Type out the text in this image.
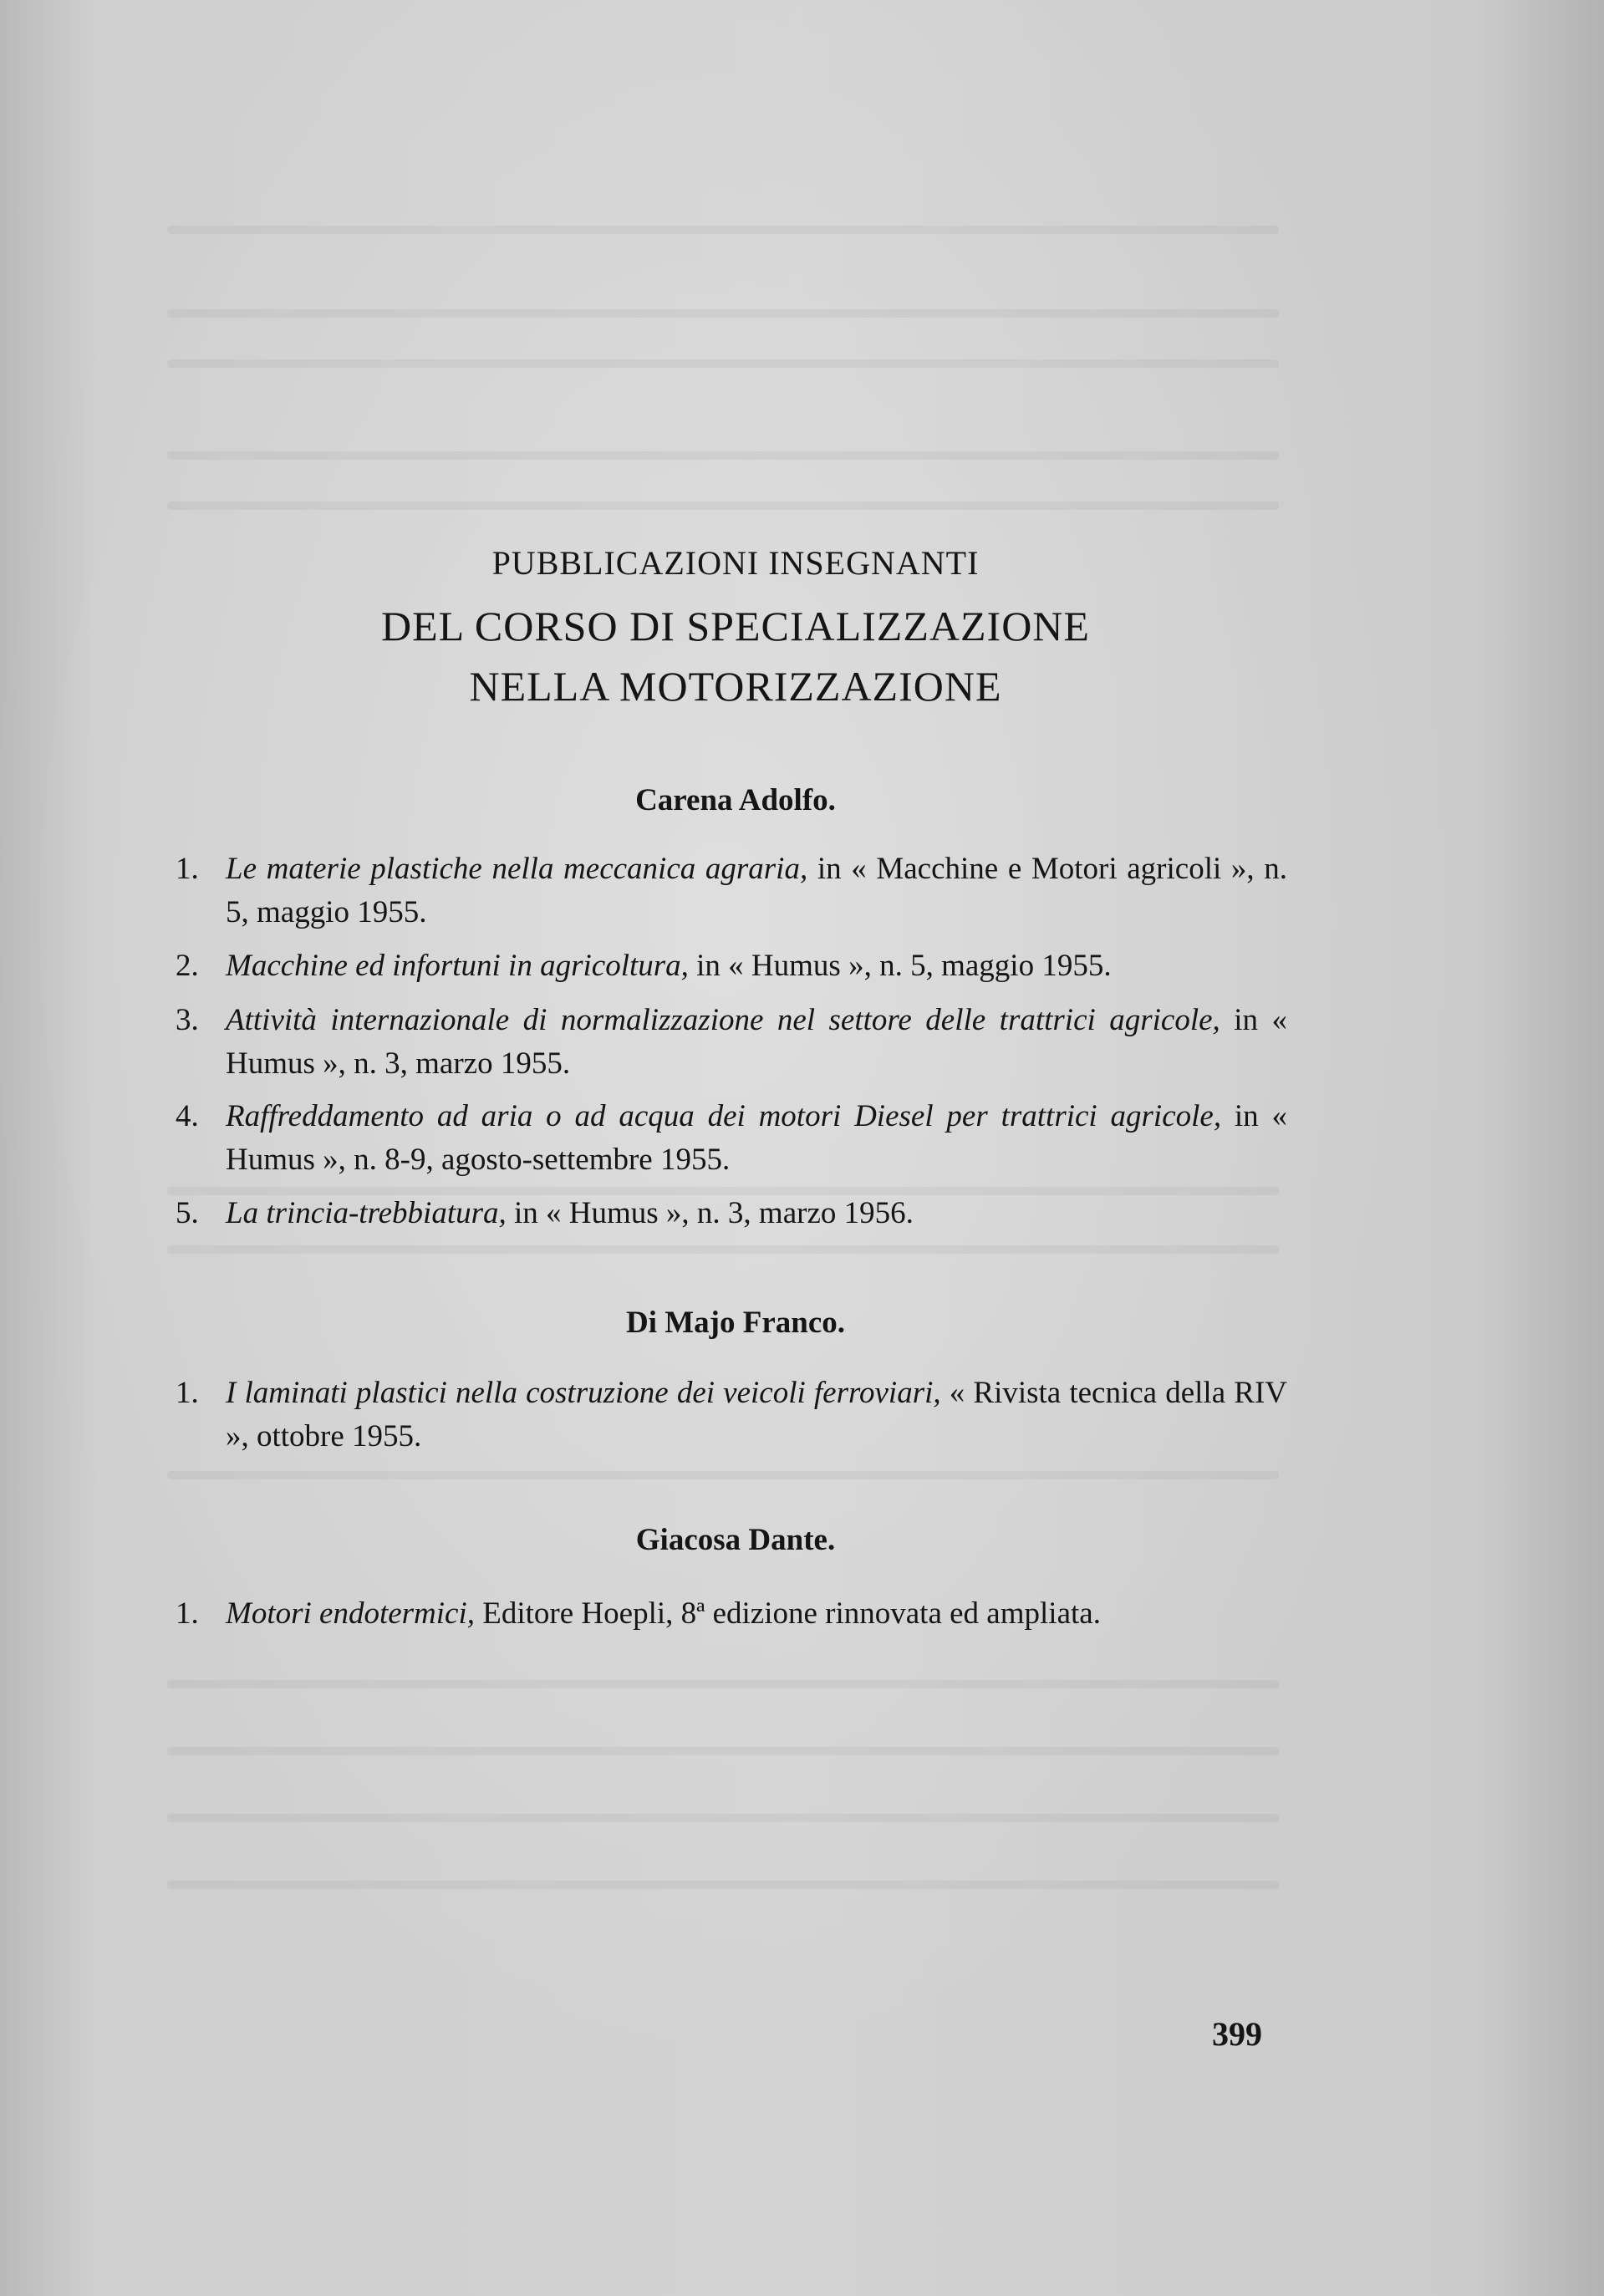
PUBBLICAZIONI INSEGNANTI
DEL CORSO DI SPECIALIZZAZIONE
NELLA MOTORIZZAZIONE
Carena Adolfo.
1. Le materie plastiche nella meccanica agraria, in « Macchine e Motori agricoli », n. 5, maggio 1955.
2. Macchine ed infortuni in agricoltura, in « Humus », n. 5, maggio 1955.
3. Attività internazionale di normalizzazione nel settore delle trattrici agricole, in « Humus », n. 3, marzo 1955.
4. Raffreddamento ad aria o ad acqua dei motori Diesel per trattrici agricole, in « Humus », n. 8-9, agosto-settembre 1955.
5. La trincia-trebbiatura, in « Humus », n. 3, marzo 1956.
Di Majo Franco.
1. I laminati plastici nella costruzione dei veicoli ferroviari, « Rivista tecnica della RIV », ottobre 1955.
Giacosa Dante.
1. Motori endotermici, Editore Hoepli, 8ª edizione rinnovata ed ampliata.
399
